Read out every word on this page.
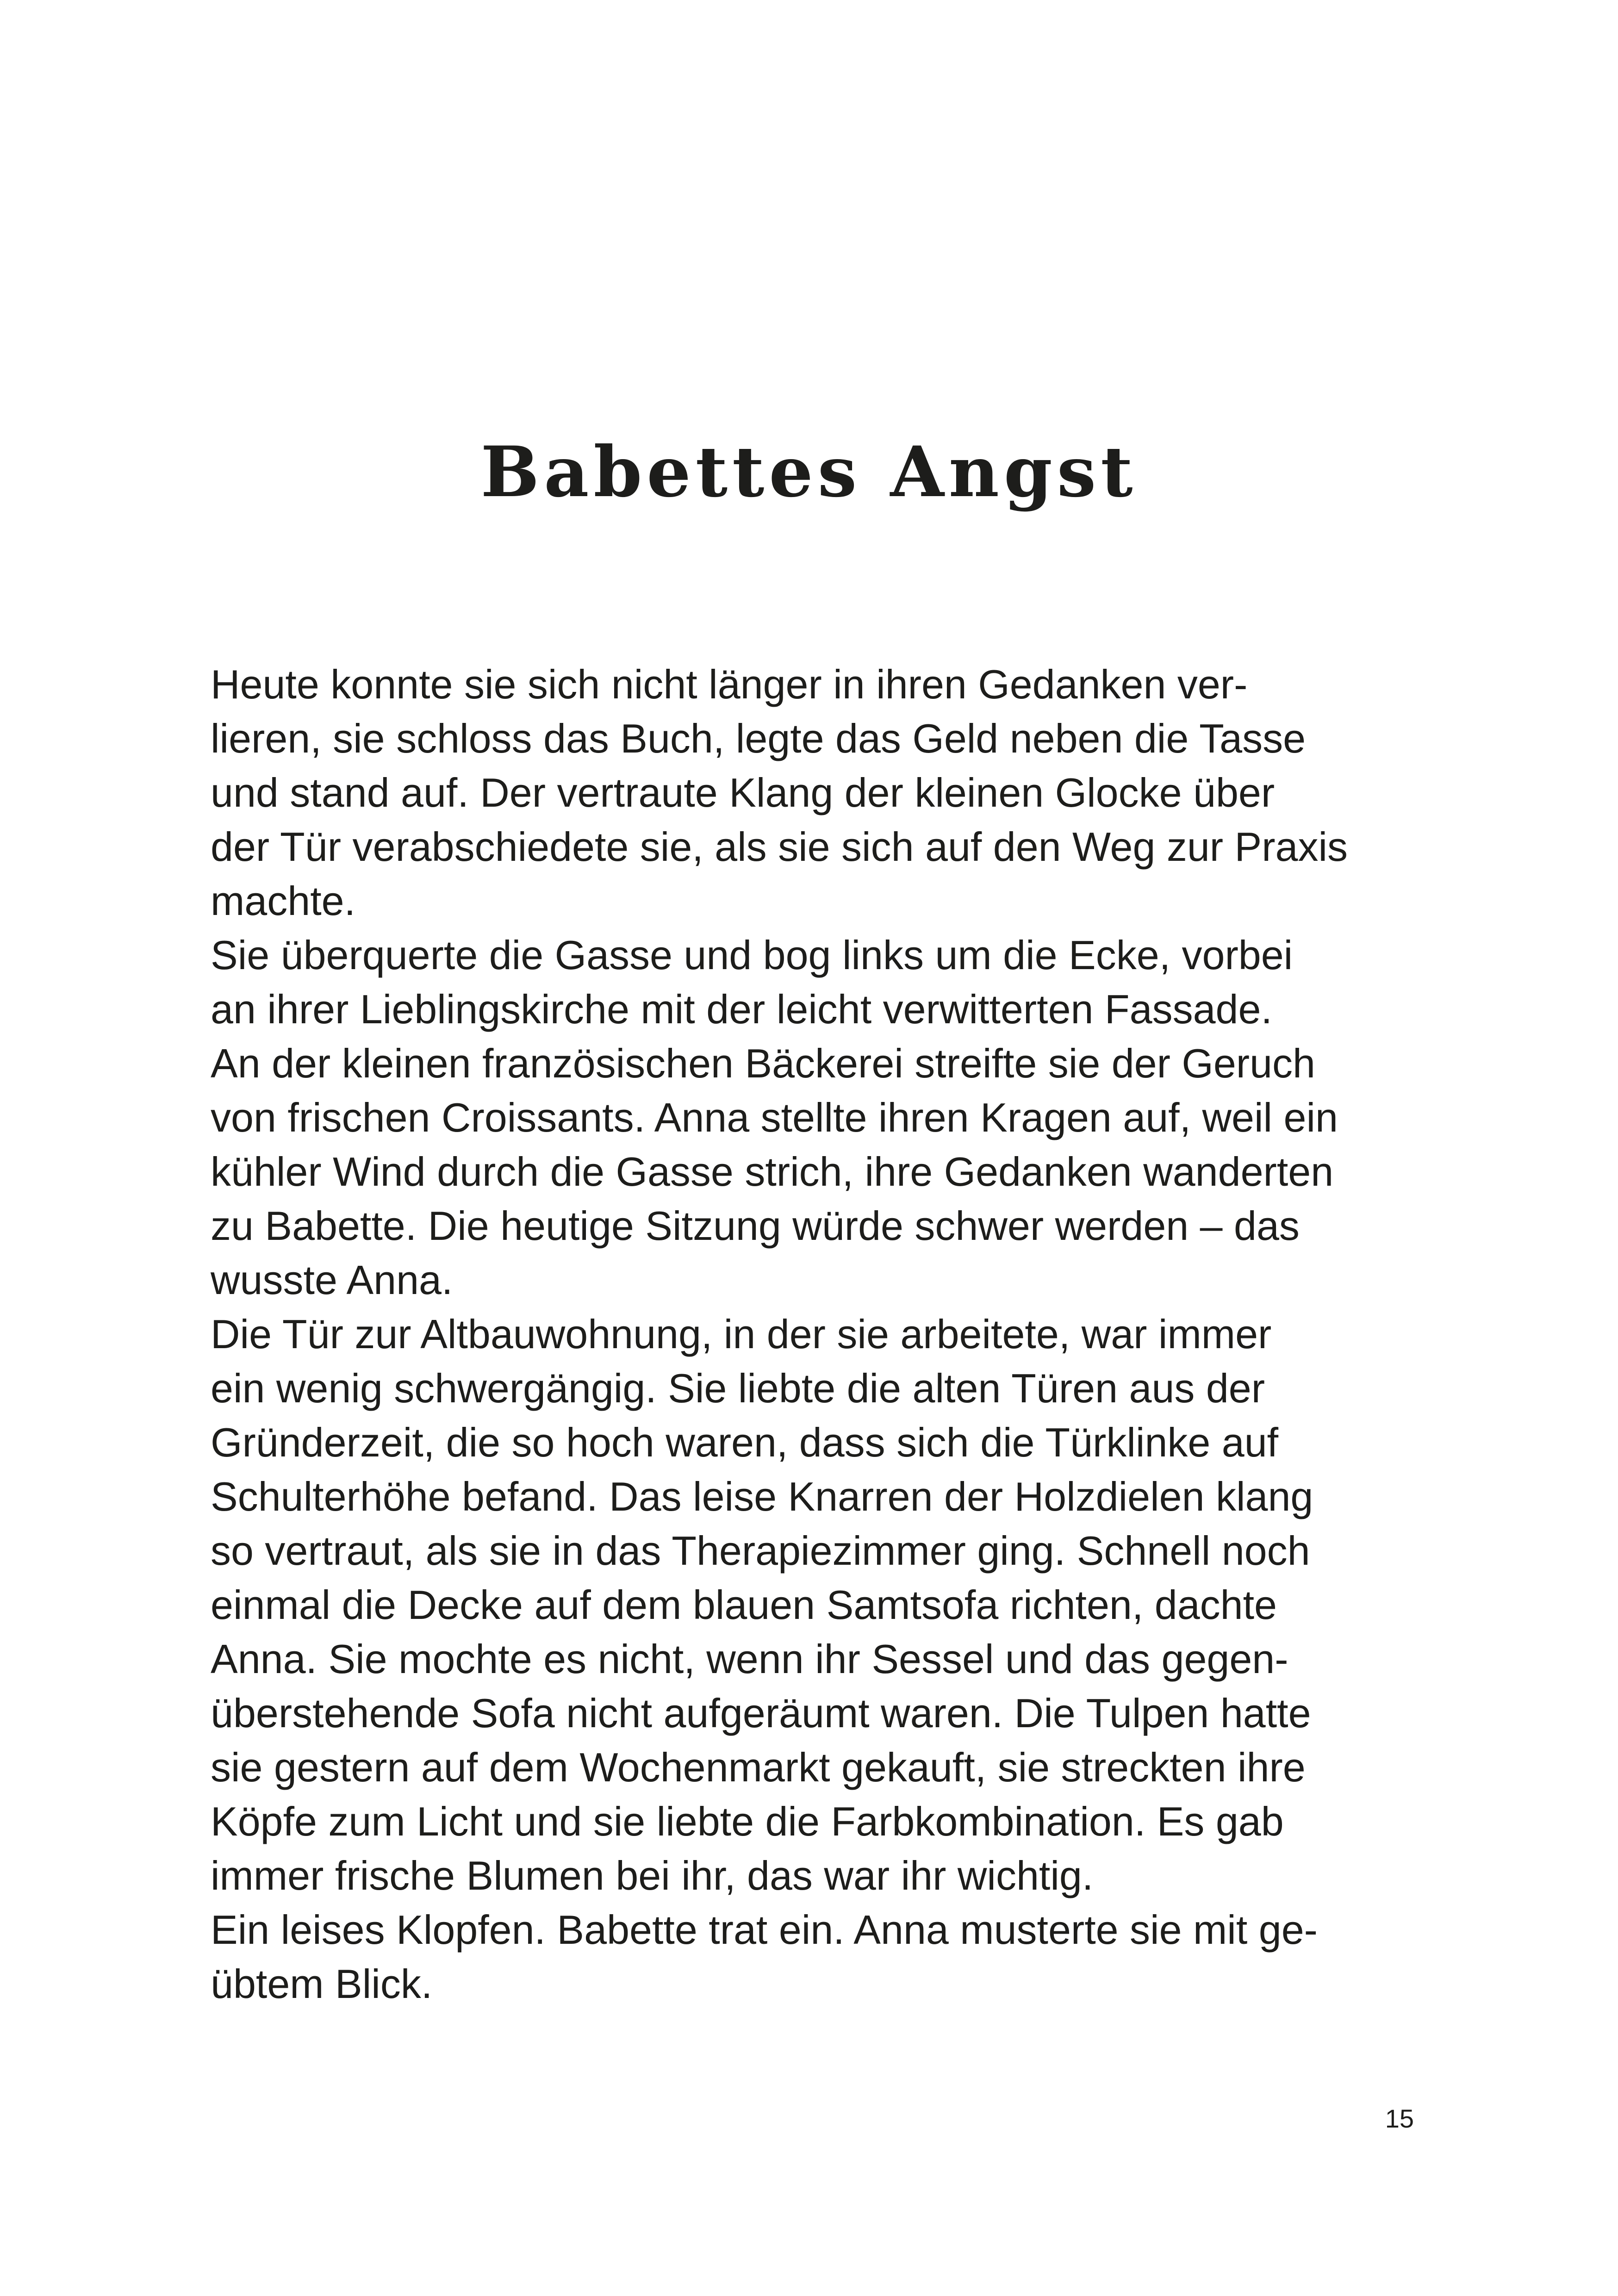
Babettes Angst
Heute konnte sie sich nicht länger in ihren Gedanken ver-
lieren, sie schloss das Buch, legte das Geld neben die Tasse
und stand auf. Der vertraute Klang der kleinen Glocke über
der Tür verabschiedete sie, als sie sich auf den Weg zur Praxis
machte.
Sie überquerte die Gasse und bog links um die Ecke, vorbei
an ihrer Lieblingskirche mit der leicht verwitterten Fassade.
An der kleinen französischen Bäckerei streifte sie der Geruch
von frischen Croissants. Anna stellte ihren Kragen auf, weil ein
kühler Wind durch die Gasse strich, ihre Gedanken wanderten
zu Babette. Die heutige Sitzung würde schwer werden – das
wusste Anna.
Die Tür zur Altbauwohnung, in der sie arbeitete, war immer
ein wenig schwergängig. Sie liebte die alten Türen aus der
Gründerzeit, die so hoch waren, dass sich die Türklinke auf
Schulterhöhe befand. Das leise Knarren der Holzdielen klang
so vertraut, als sie in das Therapiezimmer ging. Schnell noch
einmal die Decke auf dem blauen Samtsofa richten, dachte
Anna. Sie mochte es nicht, wenn ihr Sessel und das gegen-
überstehende Sofa nicht aufgeräumt waren. Die Tulpen hatte
sie gestern auf dem Wochenmarkt gekauft, sie streckten ihre
Köpfe zum Licht und sie liebte die Farbkombination. Es gab
immer frische Blumen bei ihr, das war ihr wichtig.
Ein leises Klopfen. Babette trat ein. Anna musterte sie mit ge-
übtem Blick.
15
